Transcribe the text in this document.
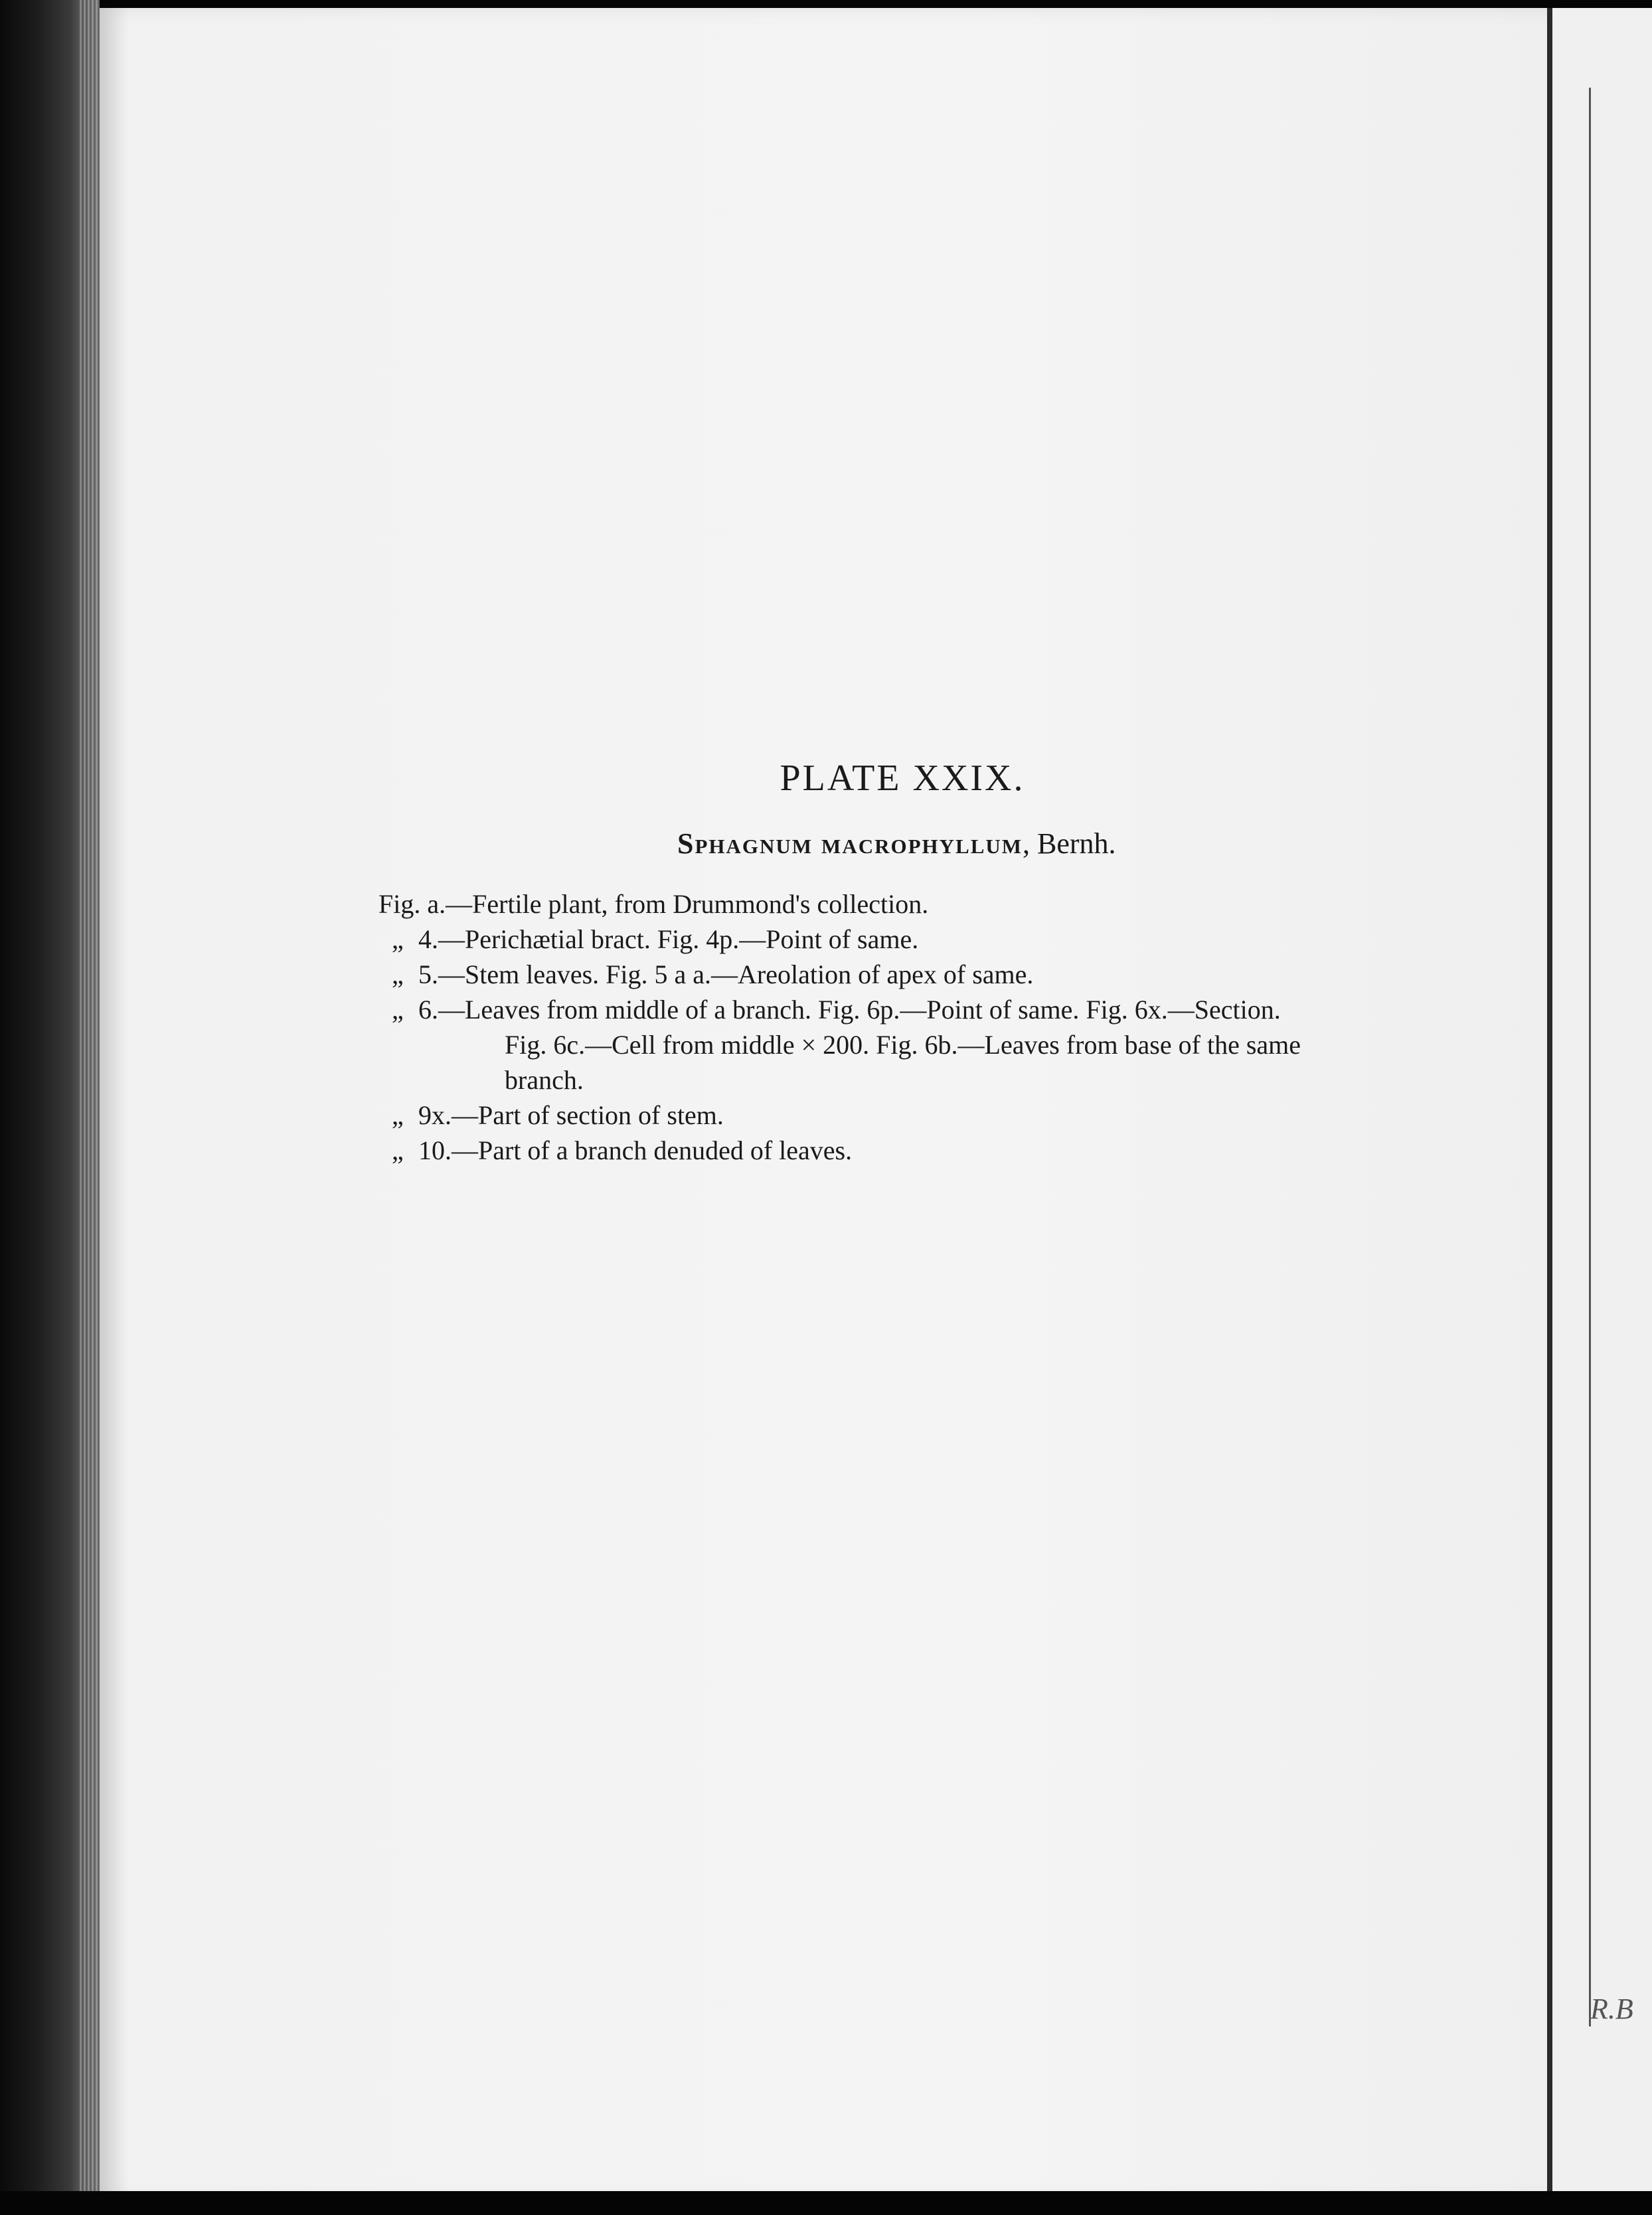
R.B
PLATE XXIX.
Sphagnum macrophyllum, Bernh.
Fig. a.—Fertile plant, from Drummond's collection.
„ 4.—Perichætial bract. Fig. 4p.—Point of same.
„ 5.—Stem leaves. Fig. 5 a a.—Areolation of apex of same.
„ 6.—Leaves from middle of a branch. Fig. 6p.—Point of same. Fig. 6x.—Section.
Fig. 6c.—Cell from middle × 200. Fig. 6b.—Leaves from base of the same
branch.
„ 9x.—Part of section of stem.
„ 10.—Part of a branch denuded of leaves.
